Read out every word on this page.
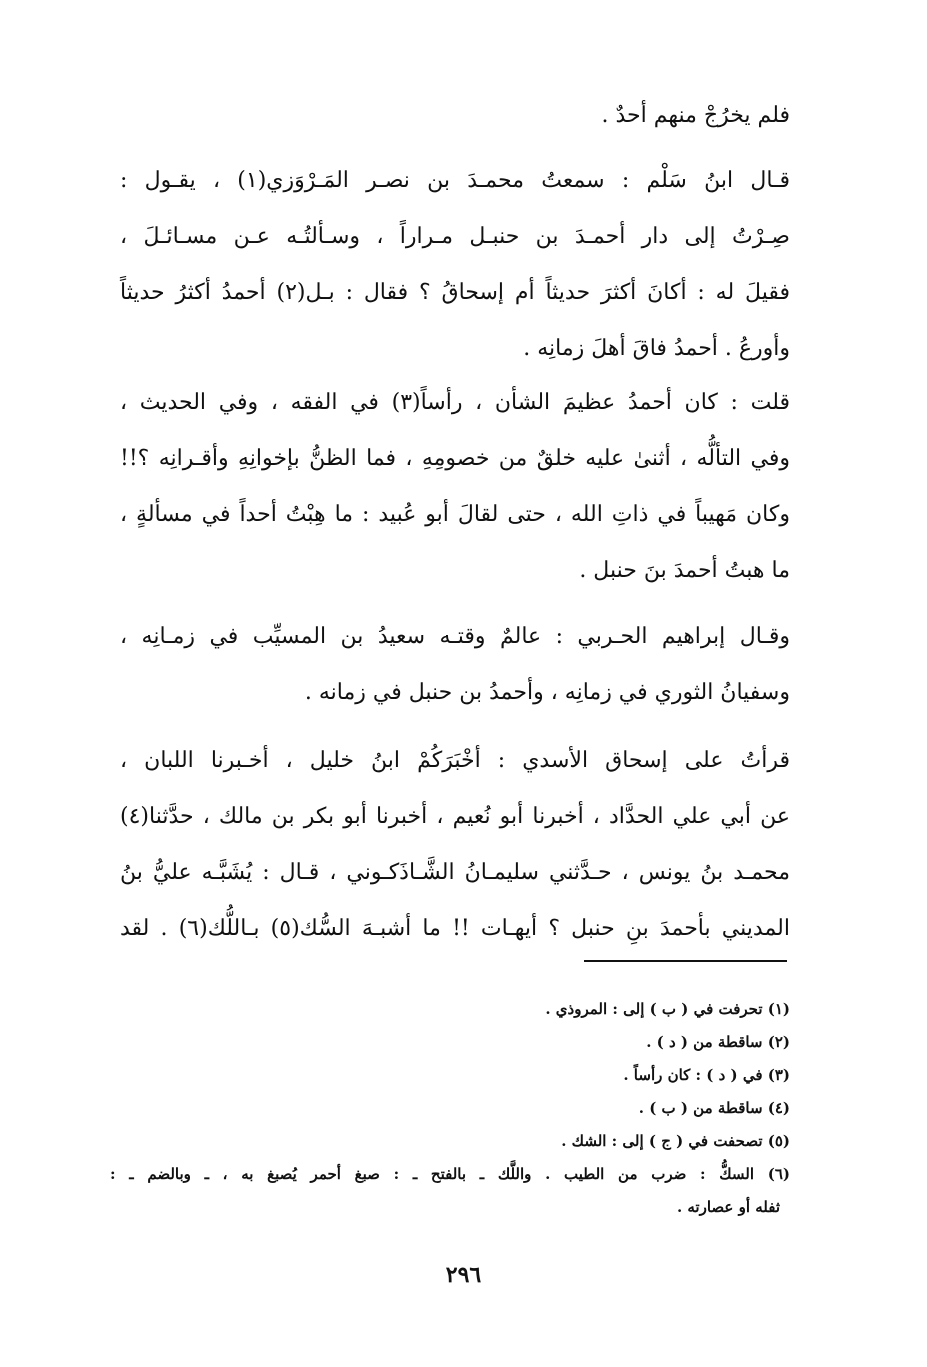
فلم يخرُجْ منهم أحدٌ .
قـال ابنُ سَلْم : سمعتُ محمـدَ بن نصـر المَـرْوَزي(١) ، يقـول :
صِـرْتُ إلى دار أحمـدَ بن حنبـل مـراراً ، وسـألتُـه عـن مسـائـلَ ،
فقيلَ له : أكانَ أكثرَ حديثاً أم إسحاقُ ؟ فقال : بـل(٢) أحمدُ أكثرُ حديثاً
وأورعُ . أحمدُ فاقَ أهلَ زمانِه .
قلت : كان أحمدُ عظيمَ الشأن ، رأساً(٣) في الفقه ، وفي الحديث ،
وفي التألُّه ، أثنىٰ عليه خلقٌ من خصومِهِ ، فما الظنُّ بإخوانِهِ وأقـرانِه ؟!!
وكان مَهيباً في ذاتِ الله ، حتى لقالَ أبو عُبيد : ما هِبْتُ أحداً في مسألةٍ ،
ما هبتُ أحمدَ بنَ حنبل .
وقـال إبراهيم الحـربي : عالمٌ وقتـه سعيدُ بن المسيِّب في زمـانِه ،
وسفيانُ الثوري في زمانِه ، وأحمدُ بن حنبل في زمانه .
قرأتُ على إسحاق الأسدي : أخْبَرَكُمْ ابنُ خليل ، أخـبرنا اللبان ،
عن أبي علي الحدَّاد ، أخبرنا أبو نُعيم ، أخبرنا أبو بكر بن مالك ، حدَّثنا(٤)
محمـد بنُ يونس ، حـدَّثني سليمـانُ الشَّـاذَكـوني ، قـال : يُشَبَّـه عليُّ بنُ
المديني بأحمدَ بنِ حنبل ؟ أيهـات !! ما أشبـهَ السُّك(٥) بـاللُّك(٦) . لقد
(١) تحرفت في ( ب ) إلى : المروذي .
(٢) ساقطة من ( د ) .
(٣) في ( د ) : كان رأساً .
(٤) ساقطة من ( ب ) .
(٥) تصحفت في ( ج ) إلى : الشك .
(٦) السكُّ : ضرب من الطيب . واللَّك ـ بالفتح ـ : صبغ أحمر يُصبغ به ، ـ وبالضم ـ :
ثفله أو عصارته .
٢٩٦
